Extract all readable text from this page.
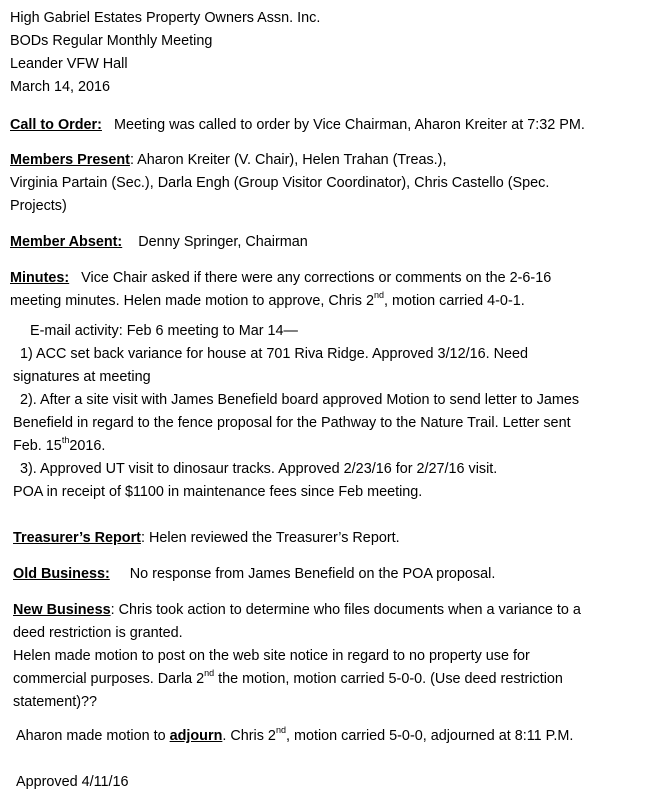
High Gabriel Estates Property Owners Assn. Inc.
BODs Regular Monthly Meeting
Leander VFW Hall
March 14, 2016
Call to Order: Meeting was called to order by Vice Chairman, Aharon Kreiter at 7:32 PM.
Members Present: Aharon Kreiter (V. Chair), Helen Trahan (Treas.),
Virginia Partain (Sec.), Darla Engh (Group Visitor Coordinator), Chris Castello (Spec.
Projects)
Member Absent: Denny Springer, Chairman
Minutes: Vice Chair asked if there were any corrections or comments on the 2-6-16
meeting minutes. Helen made motion to approve, Chris 2nd, motion carried 4-0-1.
E-mail activity: Feb 6 meeting to Mar 14—
1) ACC set back variance for house at 701 Riva Ridge. Approved 3/12/16. Need
signatures at meeting
2). After a site visit with James Benefield board approved Motion to send letter to James
Benefield in regard to the fence proposal for the Pathway to the Nature Trail. Letter sent
Feb. 15th2016.
3). Approved UT visit to dinosaur tracks. Approved 2/23/16 for 2/27/16 visit.
POA in receipt of $1100 in maintenance fees since Feb meeting.
Treasurer’s Report: Helen reviewed the Treasurer’s Report.
Old Business: No response from James Benefield on the POA proposal.
New Business: Chris took action to determine who files documents when a variance to a
deed restriction is granted.
Helen made motion to post on the web site notice in regard to no property use for
commercial purposes. Darla 2nd the motion, motion carried 5-0-0. (Use deed restriction
statement)??
Aharon made motion to adjourn. Chris 2nd, motion carried 5-0-0, adjourned at 8:11 P.M.
Approved 4/11/16
